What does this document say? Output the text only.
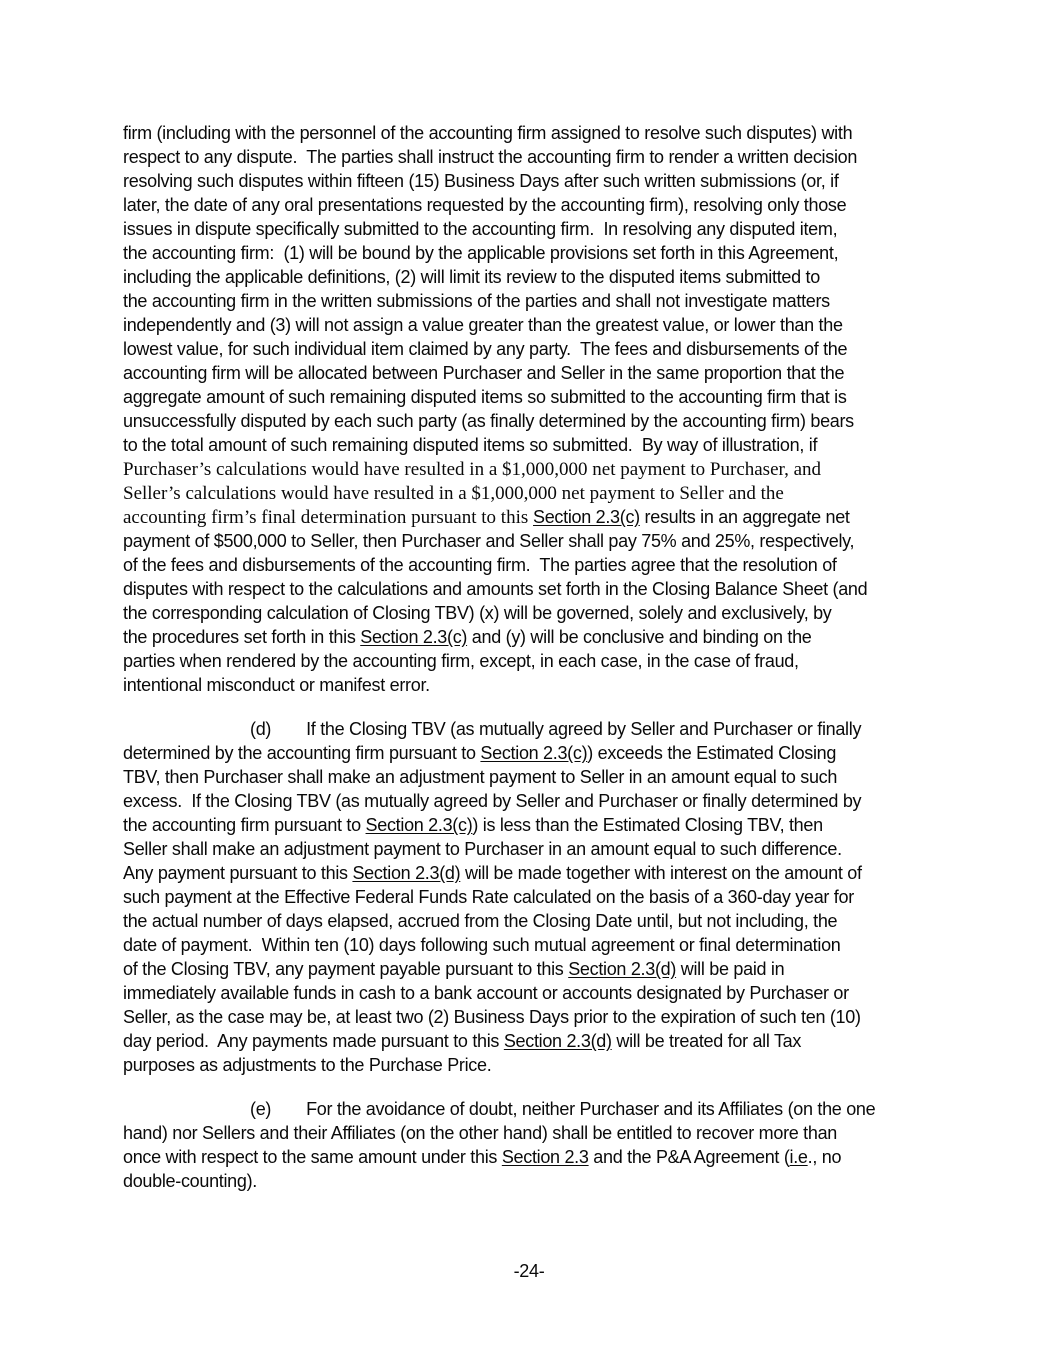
firm (including with the personnel of the accounting firm assigned to resolve such disputes) with
respect to any dispute.  The parties shall instruct the accounting firm to render a written decision
resolving such disputes within fifteen (15) Business Days after such written submissions (or, if
later, the date of any oral presentations requested by the accounting firm), resolving only those
issues in dispute specifically submitted to the accounting firm.  In resolving any disputed item,
the accounting firm:  (1) will be bound by the applicable provisions set forth in this Agreement,
including the applicable definitions, (2) will limit its review to the disputed items submitted to
the accounting firm in the written submissions of the parties and shall not investigate matters
independently and (3) will not assign a value greater than the greatest value, or lower than the
lowest value, for such individual item claimed by any party.  The fees and disbursements of the
accounting firm will be allocated between Purchaser and Seller in the same proportion that the
aggregate amount of such remaining disputed items so submitted to the accounting firm that is
unsuccessfully disputed by each such party (as finally determined by the accounting firm) bears
to the total amount of such remaining disputed items so submitted.  By way of illustration, if
Purchaser’s calculations would have resulted in a $1,000,000 net payment to Purchaser, and
Seller’s calculations would have resulted in a $1,000,000 net payment to Seller and the
accounting firm’s final determination pursuant to this Section 2.3(c) results in an aggregate net
payment of $500,000 to Seller, then Purchaser and Seller shall pay 75% and 25%, respectively,
of the fees and disbursements of the accounting firm.  The parties agree that the resolution of
disputes with respect to the calculations and amounts set forth in the Closing Balance Sheet (and
the corresponding calculation of Closing TBV) (x) will be governed, solely and exclusively, by
the procedures set forth in this Section 2.3(c) and (y) will be conclusive and binding on the
parties when rendered by the accounting firm, except, in each case, in the case of fraud,
intentional misconduct or manifest error.
(d) If the Closing TBV (as mutually agreed by Seller and Purchaser or finally
determined by the accounting firm pursuant to Section 2.3(c)) exceeds the Estimated Closing
TBV, then Purchaser shall make an adjustment payment to Seller in an amount equal to such
excess.  If the Closing TBV (as mutually agreed by Seller and Purchaser or finally determined by
the accounting firm pursuant to Section 2.3(c)) is less than the Estimated Closing TBV, then
Seller shall make an adjustment payment to Purchaser in an amount equal to such difference.
Any payment pursuant to this Section 2.3(d) will be made together with interest on the amount of
such payment at the Effective Federal Funds Rate calculated on the basis of a 360-day year for
the actual number of days elapsed, accrued from the Closing Date until, but not including, the
date of payment.  Within ten (10) days following such mutual agreement or final determination
of the Closing TBV, any payment payable pursuant to this Section 2.3(d) will be paid in
immediately available funds in cash to a bank account or accounts designated by Purchaser or
Seller, as the case may be, at least two (2) Business Days prior to the expiration of such ten (10)
day period.  Any payments made pursuant to this Section 2.3(d) will be treated for all Tax
purposes as adjustments to the Purchase Price.
(e) For the avoidance of doubt, neither Purchaser and its Affiliates (on the one
hand) nor Sellers and their Affiliates (on the other hand) shall be entitled to recover more than
once with respect to the same amount under this Section 2.3 and the P&A Agreement (i.e., no
double-counting).
-24-
